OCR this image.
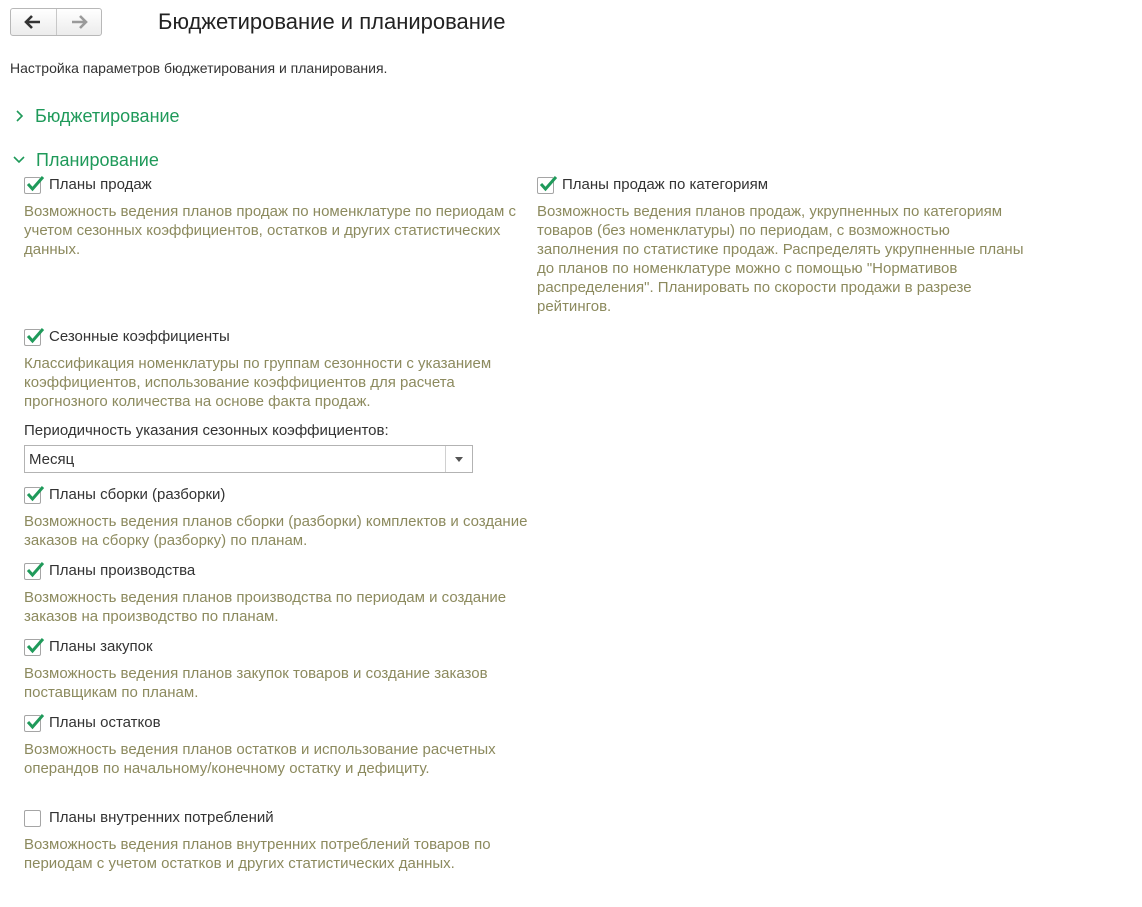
Бюджетирование и планирование
Настройка параметров бюджетирования и планирования.
Бюджетирование
Планирование
Планы продаж
Возможность ведения планов продаж по номенклатуре по периодам с учетом сезонных коэффициентов, остатков и других статистических данных.
Планы продаж по категориям
Возможность ведения планов продаж, укрупненных по категориям товаров (без номенклатуры) по периодам, с возможностью заполнения по статистике продаж. Распределять укрупненные планы до планов по номенклатуре можно с помощью "Нормативов распределения". Планировать по скорости продажи в разрезе рейтингов.
Сезонные коэффициенты
Классификация номенклатуры по группам сезонности с указанием коэффициентов, использование коэффициентов для расчета прогнозного количества на основе факта продаж.
Периодичность указания сезонных коэффициентов:
Месяц
Планы сборки (разборки)
Возможность ведения планов сборки (разборки) комплектов и создание заказов на сборку (разборку) по планам.
Планы производства
Возможность ведения планов производства по периодам и создание заказов на производство по планам.
Планы закупок
Возможность ведения планов закупок товаров и создание заказов поставщикам по планам.
Планы остатков
Возможность ведения планов остатков и использование расчетных операндов по начальному/конечному остатку и дефициту.
Планы внутренних потреблений
Возможность ведения планов внутренних потреблений товаров по периодам с учетом остатков и других статистических данных.
